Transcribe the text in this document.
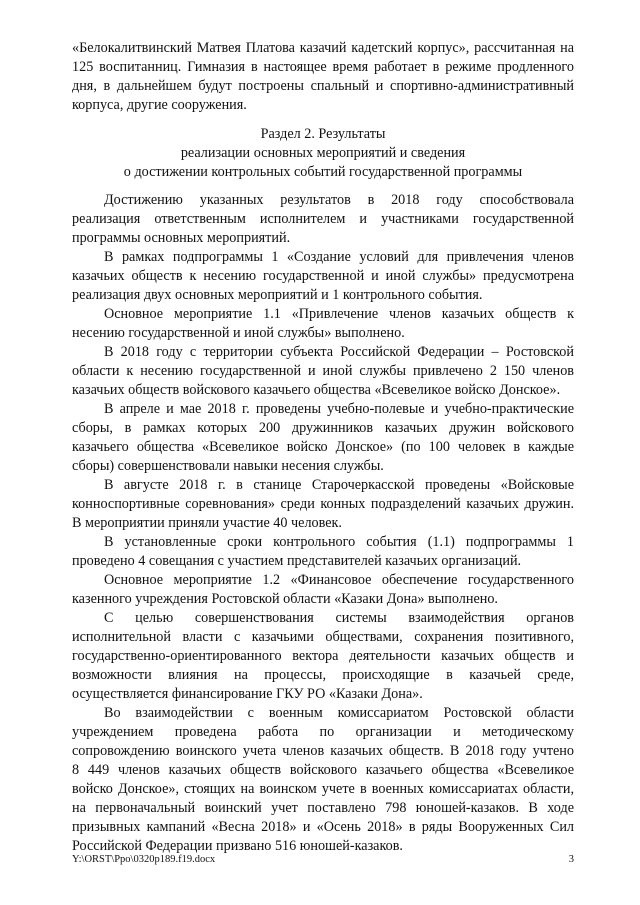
«Белокалитвинский Матвея Платова казачий кадетский корпус», рассчитанная на
125 воспитанниц. Гимназия в настоящее время работает в режиме продленного
дня, в дальнейшем будут построены спальный и спортивно-административный
корпуса, другие сооружения.
Раздел 2. Результаты
реализации основных мероприятий и сведения
о достижении контрольных событий государственной программы
Достижению указанных результатов в 2018 году способствовала
реализация ответственным исполнителем и участниками государственной
программы основных мероприятий.
В рамках подпрограммы 1 «Создание условий для привлечения членов
казачьих обществ к несению государственной и иной службы» предусмотрена
реализация двух основных мероприятий и 1 контрольного события.
Основное мероприятие 1.1 «Привлечение членов казачьих обществ к
несению государственной и иной службы» выполнено.
В 2018 году с территории субъекта Российской Федерации – Ростовской
области к несению государственной и иной службы привлечено 2 150 членов
казачьих обществ войскового казачьего общества «Всевеликое войско Донское».
В апреле и мае 2018 г. проведены учебно-полевые и учебно-практические
сборы, в рамках которых 200 дружинников казачьих дружин войскового
казачьего общества «Всевеликое войско Донское» (по 100 человек в каждые
сборы) совершенствовали навыки несения службы.
В августе 2018 г. в станице Старочеркасской проведены «Войсковые
конноспортивные соревнования» среди конных подразделений казачьих дружин.
В мероприятии приняли участие 40 человек.
В установленные сроки контрольного события (1.1) подпрограммы 1
проведено 4 совещания с участием представителей казачьих организаций.
Основное мероприятие 1.2 «Финансовое обеспечение государственного
казенного учреждения Ростовской области «Казаки Дона» выполнено.
С целью совершенствования системы взаимодействия органов
исполнительной власти с казачьими обществами, сохранения позитивного,
государственно-ориентированного вектора деятельности казачьих обществ и
возможности влияния на процессы, происходящие в казачьей среде,
осуществляется финансирование ГКУ РО «Казаки Дона».
Во взаимодействии с военным комиссариатом Ростовской области
учреждением проведена работа по организации и методическому
сопровождению воинского учета членов казачьих обществ. В 2018 году учтено
8 449 членов казачьих обществ войскового казачьего общества «Всевеликое
войско Донское», стоящих на воинском учете в военных комиссариатах области,
на первоначальный воинский учет поставлено 798 юношей-казаков. В ходе
призывных кампаний «Весна 2018» и «Осень 2018» в ряды Вооруженных Сил
Российской Федерации призвано 516 юношей-казаков.
Y:\ORST\Ppo\0320p189.f19.docx	3
